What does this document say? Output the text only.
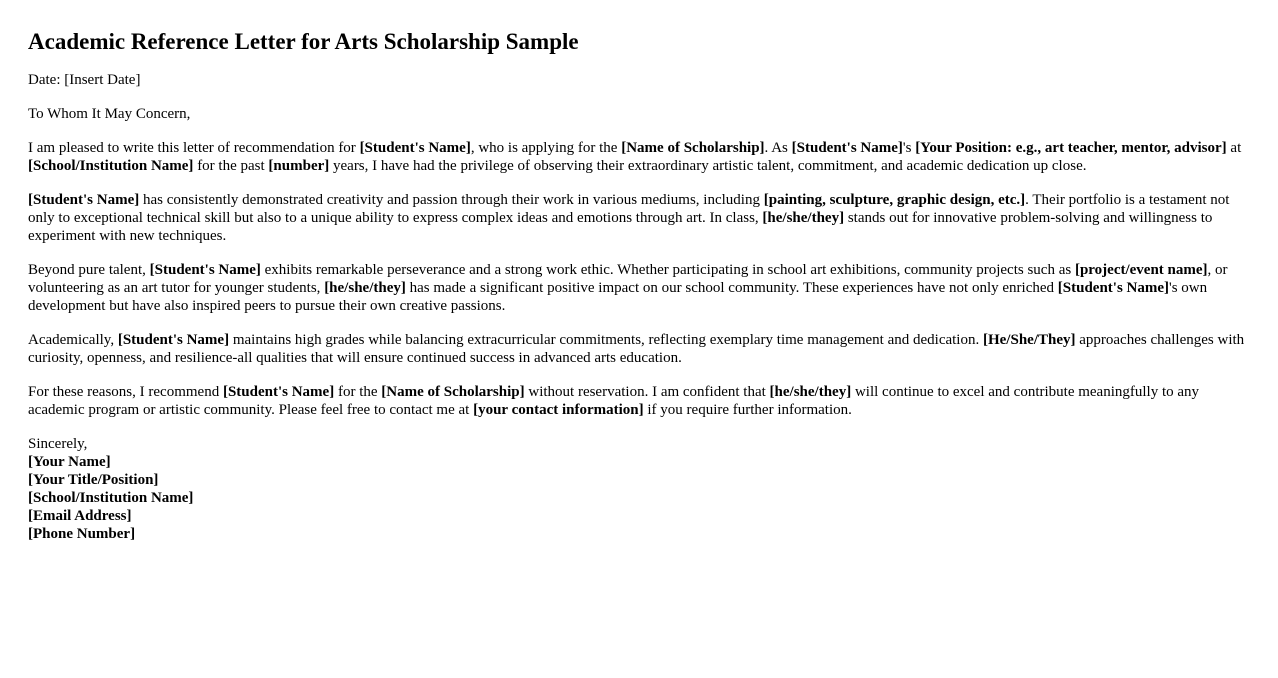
Academic Reference Letter for Arts Scholarship Sample

Date: [Insert Date]

To Whom It May Concern,

I am pleased to write this letter of recommendation for [Student's Name], who is applying for the [Name of Scholarship]. As [Student's Name]'s [Your Position: e.g., art teacher, mentor, advisor] at [School/Institution Name] for the past [number] years, I have had the privilege of observing their extraordinary artistic talent, commitment, and academic dedication up close.

[Student's Name] has consistently demonstrated creativity and passion through their work in various mediums, including [painting, sculpture, graphic design, etc.]. Their portfolio is a testament not only to exceptional technical skill but also to a unique ability to express complex ideas and emotions through art. In class, [he/she/they] stands out for innovative problem-solving and willingness to experiment with new techniques.

Beyond pure talent, [Student's Name] exhibits remarkable perseverance and a strong work ethic. Whether participating in school art exhibitions, community projects such as [project/event name], or volunteering as an art tutor for younger students, [he/she/they] has made a significant positive impact on our school community. These experiences have not only enriched [Student's Name]'s own development but have also inspired peers to pursue their own creative passions.

Academically, [Student's Name] maintains high grades while balancing extracurricular commitments, reflecting exemplary time management and dedication. [He/She/They] approaches challenges with curiosity, openness, and resilience-all qualities that will ensure continued success in advanced arts education.

For these reasons, I recommend [Student's Name] for the [Name of Scholarship] without reservation. I am confident that [he/she/they] will continue to excel and contribute meaningfully to any academic program or artistic community. Please feel free to contact me at [your contact information] if you require further information.

Sincerely,
[Your Name]
[Your Title/Position]
[School/Institution Name]
[Email Address]
[Phone Number]
